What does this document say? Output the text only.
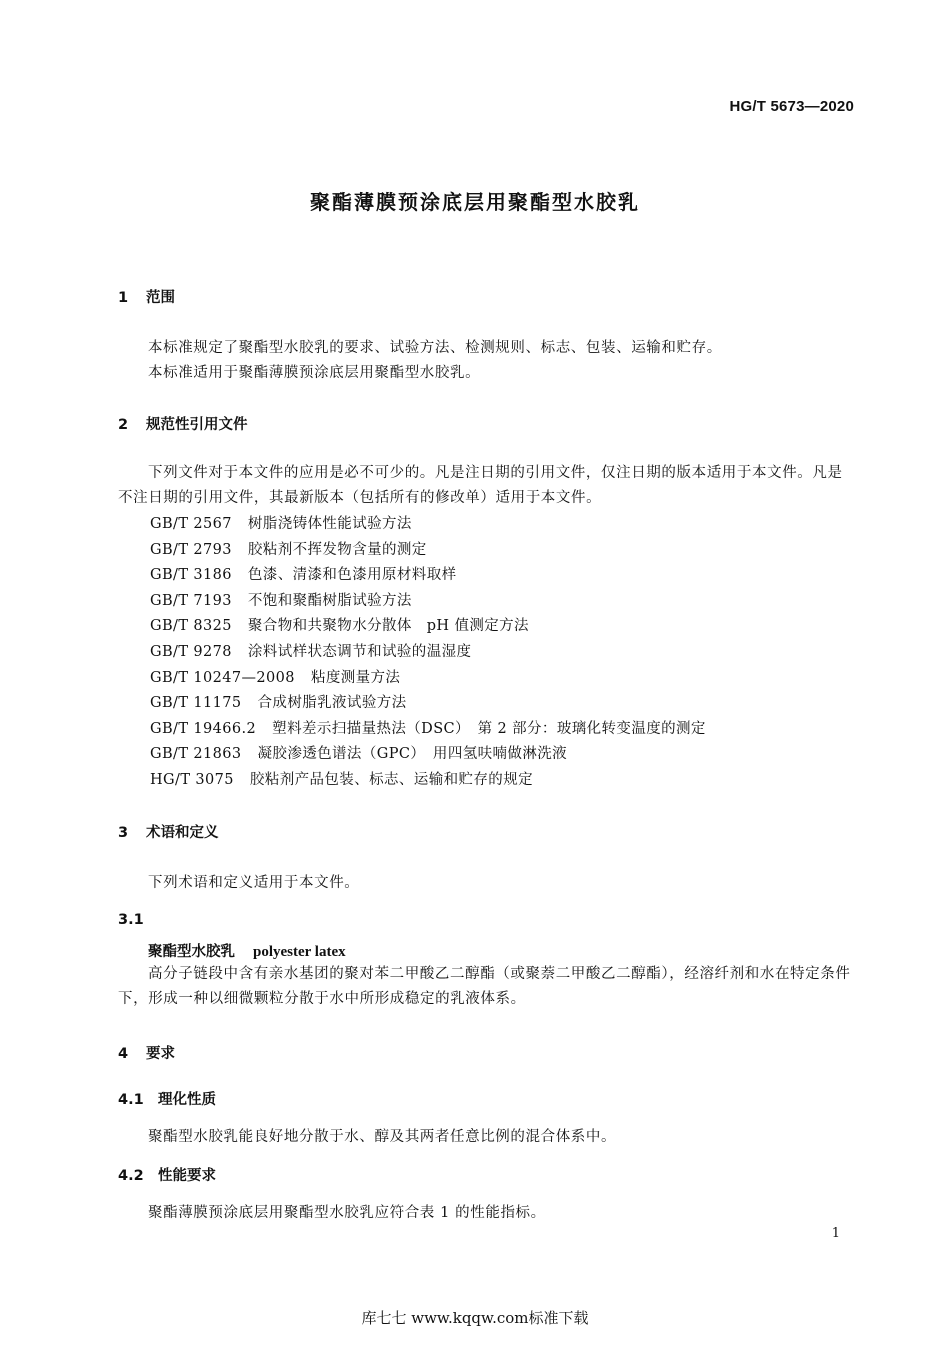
HG/T 5673—2020
聚酯薄膜预涂底层用聚酯型水胶乳
1 范围
本标准规定了聚酯型水胶乳的要求、试验方法、检测规则、标志、包装、运输和贮存。
本标准适用于聚酯薄膜预涂底层用聚酯型水胶乳。
2 规范性引用文件
下列文件对于本文件的应用是必不可少的。凡是注日期的引用文件，仅注日期的版本适用于本文件。凡是不注日期的引用文件，其最新版本（包括所有的修改单）适用于本文件。
GB/T 2567 树脂浇铸体性能试验方法
GB/T 2793 胶粘剂不挥发物含量的测定
GB/T 3186 色漆、清漆和色漆用原材料取样
GB/T 7193 不饱和聚酯树脂试验方法
GB/T 8325 聚合物和共聚物水分散体　pH 值测定方法
GB/T 9278 涂料试样状态调节和试验的温湿度
GB/T 10247—2008 粘度测量方法
GB/T 11175 合成树脂乳液试验方法
GB/T 19466.2 塑料差示扫描量热法（DSC）　第 2 部分：玻璃化转变温度的测定
GB/T 21863 凝胶渗透色谱法（GPC）　用四氢呋喃做淋洗液
HG/T 3075 胶粘剂产品包装、标志、运输和贮存的规定
3 术语和定义
下列术语和定义适用于本文件。
3.1
聚酯型水胶乳 polyester latex
高分子链段中含有亲水基团的聚对苯二甲酸乙二醇酯（或聚萘二甲酸乙二醇酯），经溶纤剂和水在特定条件下，形成一种以细微颗粒分散于水中所形成稳定的乳液体系。
4 要求
4.1 理化性质
聚酯型水胶乳能良好地分散于水、醇及其两者任意比例的混合体系中。
4.2 性能要求
聚酯薄膜预涂底层用聚酯型水胶乳应符合表 1 的性能指标。
1
库七七 www.kqqw.com标准下载
